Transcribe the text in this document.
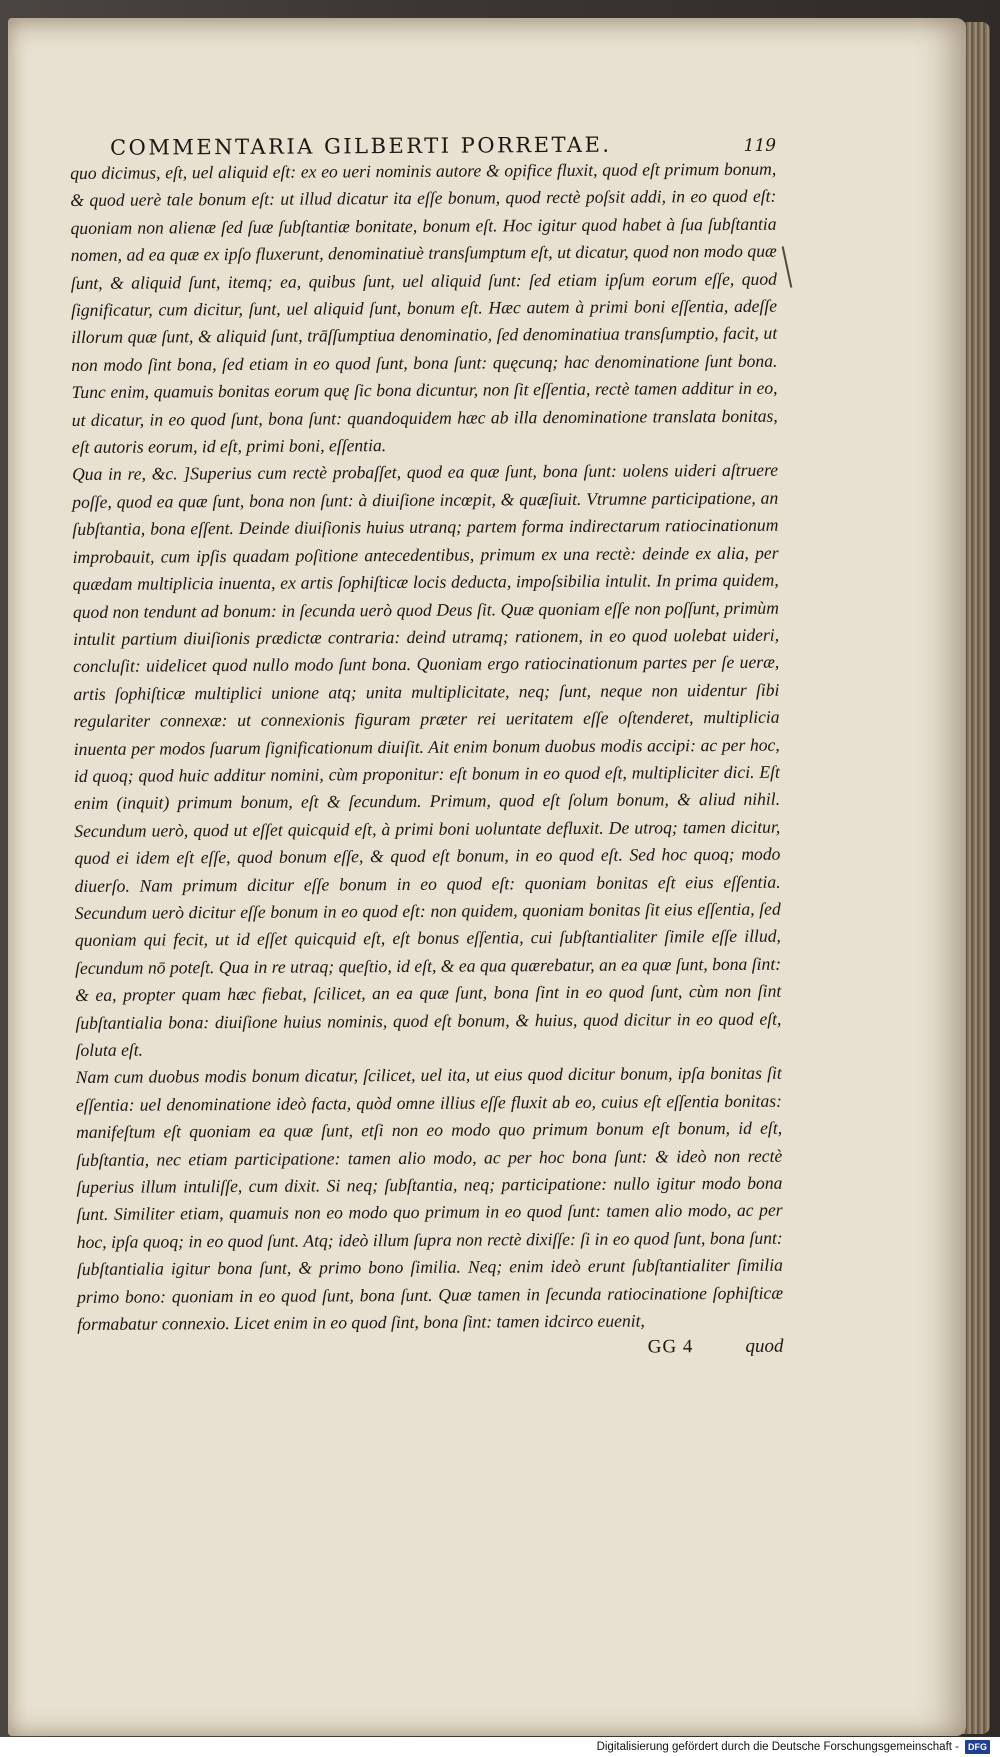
COMMENTARIA GILBERTI PORRETAE.	119

quo dicimus, eſt, uel aliquid eſt: ex eo ueri nominis autore & opifice fluxit, quod eſt primum bonum, & quod uerè tale bonum eſt: ut illud dicatur ita eſſe bonum, quod rectè poſsit addi, in eo quod eſt: quoniam non alienæ ſed ſuæ ſubſtantiæ bonitate, bonum eſt. Hoc igitur quod habet à ſua ſubſtantia nomen, ad ea quæ ex ipſo fluxerunt, denominatiuè transſumptum eſt, ut dicatur, quod non modo quæ ſunt, & aliquid ſunt, itemq; ea, quibus ſunt, uel aliquid ſunt: ſed etiam ipſum eorum eſſe, quod ſignificatur, cum dicitur, ſunt, uel aliquid ſunt, bonum eſt. Hæc autem à primi boni eſſentia, adeſſe illorum quæ ſunt, & aliquid ſunt, trāſſumptiua denominatio, ſed denominatiua transſumptio, facit, ut non modo ſint bona, ſed etiam in eo quod ſunt, bona ſunt: quęcunq; hac denominatione ſunt bona. Tunc enim, quamuis bonitas eorum quę ſic bona dicuntur, non ſit eſſentia, rectè tamen additur in eo, ut dicatur, in eo quod ſunt, bona ſunt: quandoquidem hæc ab illa denominatione translata bonitas, eſt autoris eorum, id eſt, primi boni, eſſentia.

Qua in re, &c. ]Superius cum rectè probaſſet, quod ea quæ ſunt, bona ſunt: uolens uideri aſtruere poſſe, quod ea quæ ſunt, bona non ſunt: à diuiſione incœpit, & quæſiuit. Vtrumne participatione, an ſubſtantia, bona eſſent. Deinde diuiſionis huius utranq; partem forma indirectarum ratiocinationum improbauit, cum ipſis quadam poſitione antecedentibus, primum ex una rectè: deinde ex alia, per quædam multiplicia inuenta, ex artis ſophiſticæ locis deducta, impoſsibilia intulit. In prima quidem, quod non tendunt ad bonum: in ſecunda uerò quod Deus ſit. Quæ quoniam eſſe non poſſunt, primùm intulit partium diuiſionis prædictæ contraria: deind utramq; rationem, in eo quod uolebat uideri, concluſit: uidelicet quod nullo modo ſunt bona. Quoniam ergo ratiocinationum partes per ſe ueræ, artis ſophiſticæ multiplici unione atq; unita multiplicitate, neq; ſunt, neque non uidentur ſibi regulariter connexæ: ut connexionis figuram præter rei ueritatem eſſe oſtenderet, multiplicia inuenta per modos ſuarum ſignificationum diuiſit. Ait enim bonum duobus modis accipi: ac per hoc, id quoq; quod huic additur nomini, cùm proponitur: eſt bonum in eo quod eſt, multipliciter dici. Eſt enim (inquit) primum bonum, eſt & ſecundum. Primum, quod eſt ſolum bonum, & aliud nihil. Secundum uerò, quod ut eſſet quicquid eſt, à primi boni uoluntate defluxit. De utroq; tamen dicitur, quod ei idem eſt eſſe, quod bonum eſſe, & quod eſt bonum, in eo quod eſt. Sed hoc quoq; modo diuerſo. Nam primum dicitur eſſe bonum in eo quod eſt: quoniam bonitas eſt eius eſſentia. Secundum uerò dicitur eſſe bonum in eo quod eſt: non quidem, quoniam bonitas ſit eius eſſentia, ſed quoniam qui fecit, ut id eſſet quicquid eſt, eſt bonus eſſentia, cui ſubſtantialiter ſimile eſſe illud, ſecundum nō poteſt. Qua in re utraq; queſtio, id eſt, & ea qua quærebatur, an ea quæ ſunt, bona ſint: & ea, propter quam hæc fiebat, ſcilicet, an ea quæ ſunt, bona ſint in eo quod ſunt, cùm non ſint ſubſtantialia bona: diuiſione huius nominis, quod eſt bonum, & huius, quod dicitur in eo quod eſt, ſoluta eſt.

Nam cum duobus modis bonum dicatur, ſcilicet, uel ita, ut eius quod dicitur bonum, ipſa bonitas ſit eſſentia: uel denominatione ideò facta, quòd omne illius eſſe fluxit ab eo, cuius eſt eſſentia bonitas: manifeſtum eſt quoniam ea quæ ſunt, etſi non eo modo quo primum bonum eſt bonum, id eſt, ſubſtantia, nec etiam participatione: tamen alio modo, ac per hoc bona ſunt: & ideò non rectè ſuperius illum intuliſſe, cum dixit. Si neq; ſubſtantia, neq; participatione: nullo igitur modo bona ſunt. Similiter etiam, quamuis non eo modo quo primum in eo quod ſunt: tamen alio modo, ac per hoc, ipſa quoq; in eo quod ſunt. Atq; ideò illum ſupra non rectè dixiſſe: ſi in eo quod ſunt, bona ſunt: ſubſtantialia igitur bona ſunt, & primo bono ſimilia. Neq; enim ideò erunt ſubſtantialiter ſimilia primo bono: quoniam in eo quod ſunt, bona ſunt. Quæ tamen in ſecunda ratiocinatione ſophiſticæ formabatur connexio. Licet enim in eo quod ſint, bona ſint: tamen idcirco euenit,

GG 4	quod
Digitalisierung gefördert durch die Deutsche Forschungsgemeinschaft -	DFG
